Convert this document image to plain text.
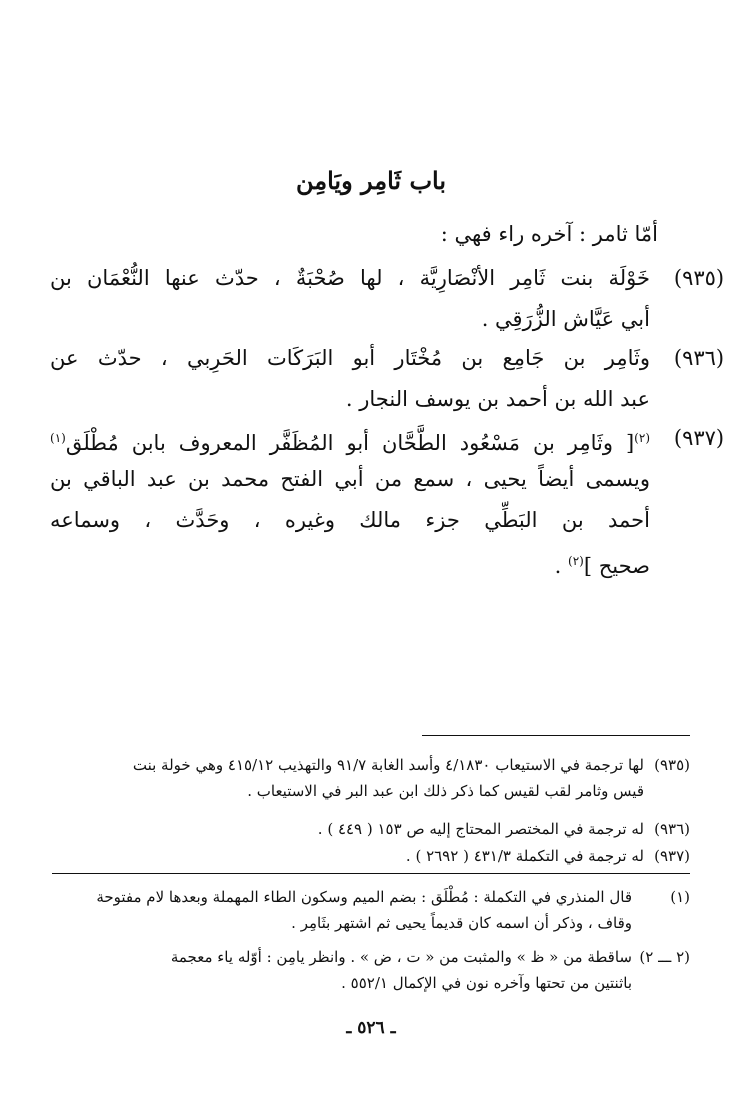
باب ثَامِر ويَامِن
أمّا ثامر : آخره راء فهي :
(٩٣٥)
خَوْلَة بنت ثَامِر الأنْصَارِيَّة ، لها صُحْبَةٌ ، حدّث عنها النُّعْمَان بن
أبي عَيَّاش الزُّرَقِي .
(٩٣٦)
وثَامِر بن جَامِع بن مُخْتَار أبو البَرَكَات الحَرِبي ، حدّث عن
عبد الله بن أحمد بن يوسف النجار .
(٩٣٧)
$^{(٢)}$[ وثَامِر بن مَسْعُود الطَّحَّان أبو المُظَفَّر المعروف بابن مُطْلَق$^{(١)}$
ويسمى أيضاً يحيى ، سمع من أبي الفتح محمد بن عبد الباقي بن
أحمد بن البَطِّي جزء مالك وغيره ، وحَدَّث ، وسماعه
صحيح ]$^{(٢)}$ .
(٩٣٥)لها ترجمة في الاستيعاب ٤/١٨٣٠ وأسد الغابة ٩١/٧ والتهذيب ٤١٥/١٢ وهي خولة بنت
قيس وثامر لقب لقيس كما ذكر ذلك ابن عبد البر في الاستيعاب .
(٩٣٦)له ترجمة في المختصر المحتاج إليه ص ١٥٣ ( ٤٤٩ ) .
(٩٣٧)له ترجمة في التكملة ٤٣١/٣ ( ٢٦٩٢ ) .
(١)قال المنذري في التكملة : مُطْلَق : بضم الميم وسكون الطاء المهملة وبعدها لام مفتوحة
وقاف ، وذكر أن اسمه كان قديماً يحيى ثم اشتهر بثَامِر .
(٢ ـــ ٢)ساقطة من « ظ » والمثبت من « ت ، ض » . وانظر يامِن : أوّله ياء معجمة
باثنتين من تحتها وآخره نون في الإكمال ٥٥٢/١ .
ـ ٥٢٦ ـ
